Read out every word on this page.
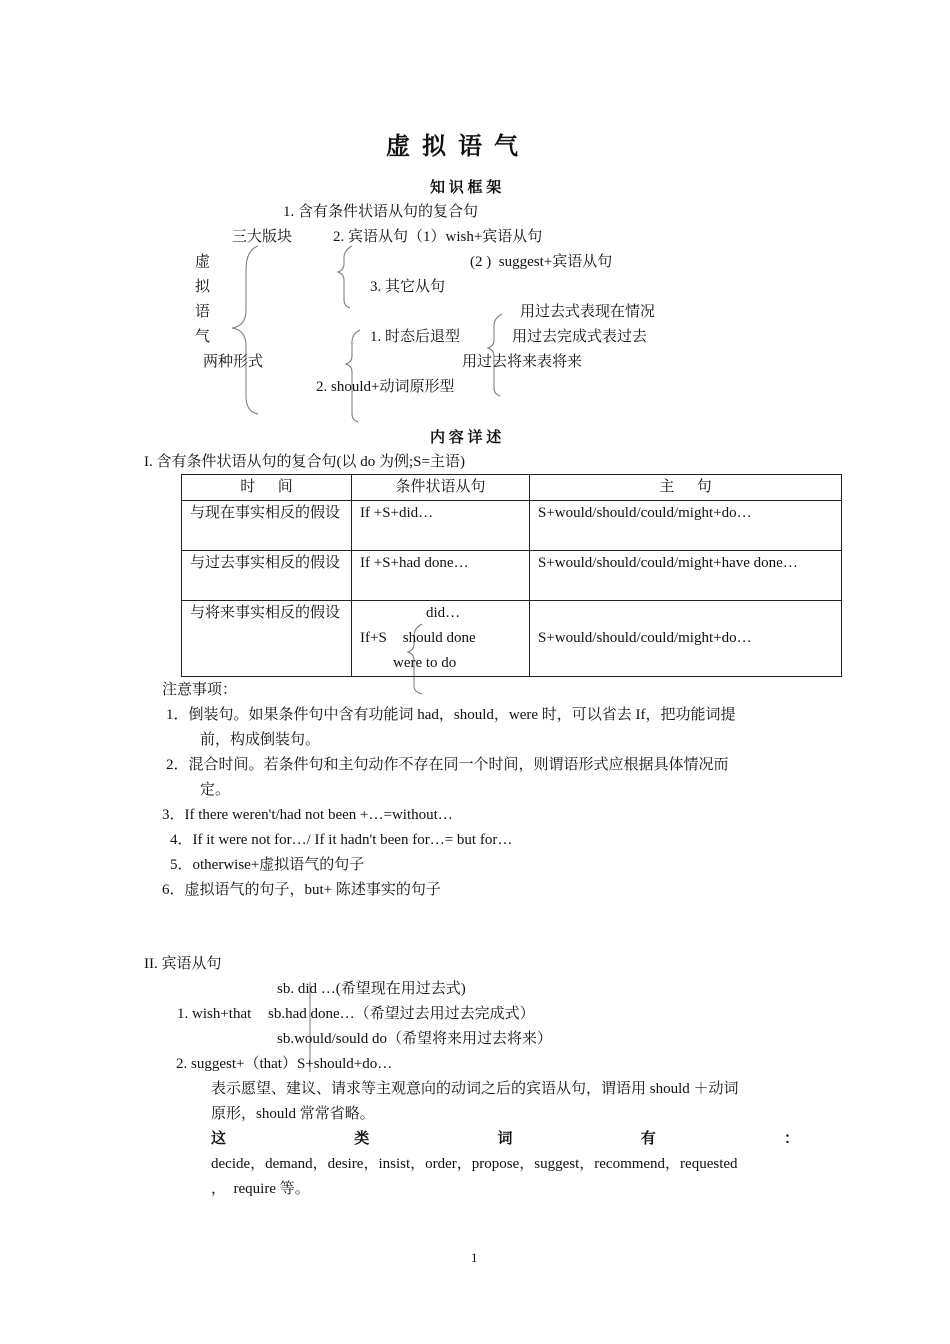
虚  拟  语  气
知 识 框 架
1. 含有条件状语从句的复合句
三大版块	2. 宾语从句（1）wish+宾语从句
(2 )  suggest+宾语从句
虚
拟	3. 其它从句
语	用过去式表现在情况
气	1. 时态后退型	用过去完成式表过去
两种形式	用过去将来表将来
2. should+动词原形型
内 容 详 述
I. 含有条件状语从句的复合句(以 do 为例;S=主语)
时      间	条件状语从句	主      句
与现在事实相反的假设	If +S+did…	S+would/should/could/might+do…
与过去事实相反的假设	If +S+had done…	S+would/should/could/might+have done…
与将来事实相反的假设	did…
If+S should done
were to do	S+would/should/could/might+do…
注意事项：
1．倒装句。如果条件句中含有功能词 had，should，were 时，可以省去 If，把功能词提
前，构成倒装句。
2．混合时间。若条件句和主句动作不存在同一个时间，则谓语形式应根据具体情况而
定。
3．If there weren't/had not been +…=without…
4．If it were not for…/ If it hadn't been for…= but for…
5．otherwise+虚拟语气的句子
6．虚拟语气的句子，but+ 陈述事实的句子
II. 宾语从句
sb. did …(希望现在用过去式)
1. wish+that sb.had done…（希望过去用过去完成式）
sb.would/sould do（希望将来用过去将来）
2. suggest+（that）S+should+do…
表示愿望、建议、请求等主观意向的动词之后的宾语从句，谓语用 should ＋动词
原形，should 常常省略。
这	类	词	有	：
decide，demand，desire，insist，order，propose，suggest，recommend，requested
，  require 等。
1
